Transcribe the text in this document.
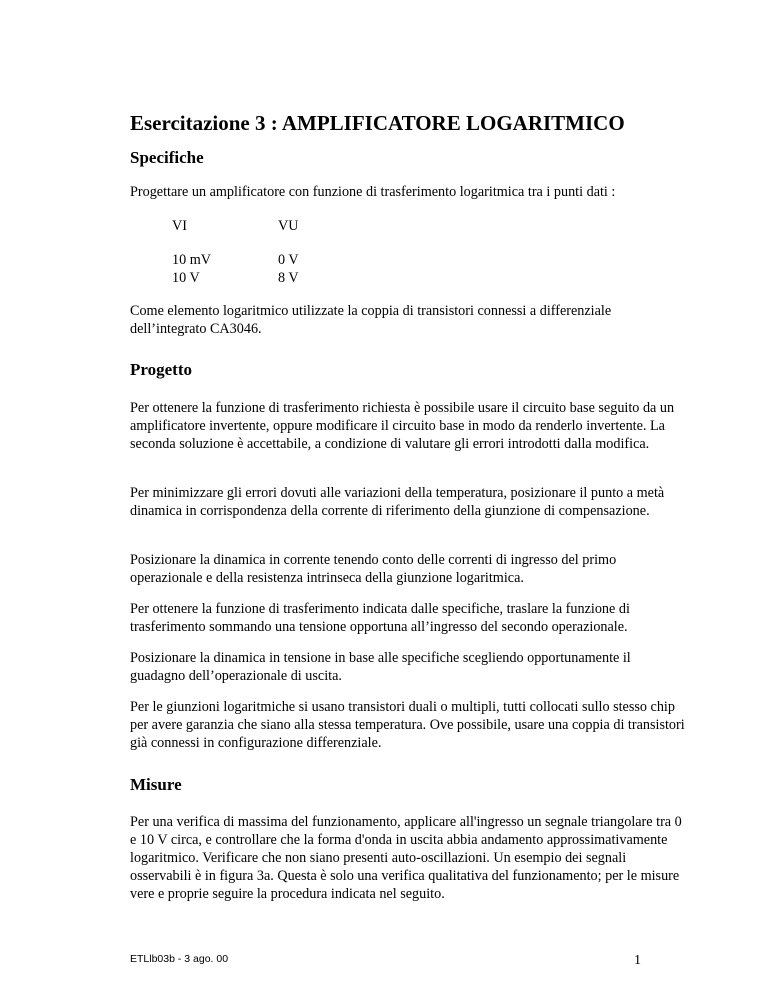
Esercitazione 3 : AMPLIFICATORE LOGARITMICO
Specifiche

Progettare un amplificatore con funzione di trasferimento logaritmica tra i punti dati :

VI	VU
10 mV	0 V
10 V	8 V

Come elemento logaritmico utilizzate la coppia di transistori connessi a differenziale dell’integrato CA3046.

Progetto

Per ottenere la funzione di trasferimento richiesta è possibile usare il circuito base seguito da un amplificatore invertente, oppure modificare il circuito base in modo da renderlo invertente. La seconda soluzione è accettabile, a condizione di valutare gli errori introdotti dalla modifica.

Per minimizzare gli errori dovuti alle variazioni della temperatura, posizionare il punto a metà dinamica in corrispondenza della corrente di riferimento della giunzione di compensazione.

Posizionare la dinamica in corrente tenendo conto delle correnti di ingresso del primo operazionale e della resistenza intrinseca della giunzione logaritmica.

Per ottenere la funzione di trasferimento indicata dalle specifiche, traslare la funzione di trasferimento sommando una tensione opportuna all’ingresso del secondo operazionale.

Posizionare la dinamica in tensione in base alle specifiche scegliendo opportunamente il guadagno dell’operazionale di uscita.

Per le giunzioni logaritmiche si usano transistori duali o multipli, tutti collocati sullo stesso chip per avere garanzia che siano alla stessa temperatura. Ove possibile, usare una coppia di transistori già connessi in configurazione differenziale.

Misure

Per una verifica di massima del funzionamento, applicare all'ingresso un segnale triangolare tra 0 e 10 V circa, e controllare che la forma d'onda in uscita abbia andamento approssimativamente logaritmico. Verificare che non siano presenti auto-oscillazioni. Un esempio dei segnali osservabili è in figura 3a. Questa è solo una verifica qualitativa del funzionamento; per le misure vere e proprie seguire la procedura indicata nel seguito.

ETLlb03b - 3 ago. 00	1
